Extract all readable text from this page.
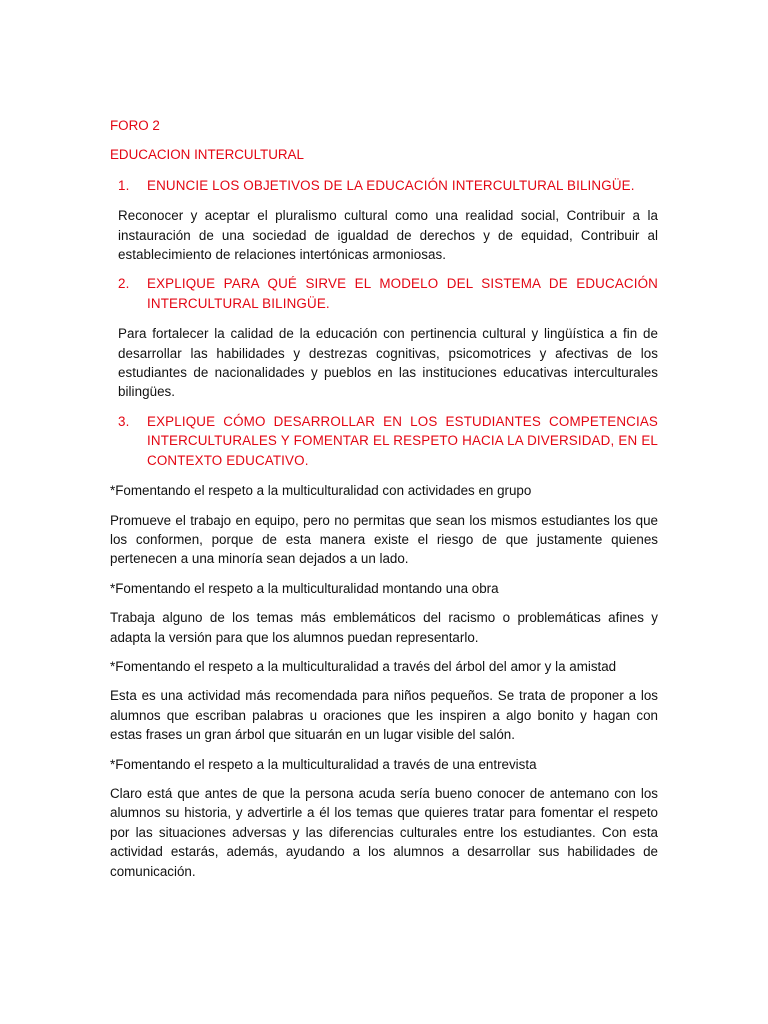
FORO 2

EDUCACION INTERCULTURAL

1. ENUNCIE LOS OBJETIVOS DE LA EDUCACIÓN INTERCULTURAL BILINGÜE.

Reconocer y aceptar el pluralismo cultural como una realidad social, Contribuir a la instauración de una sociedad de igualdad de derechos y de equidad, Contribuir al establecimiento de relaciones intertónicas armoniosas.

2. EXPLIQUE PARA QUÉ SIRVE EL MODELO DEL SISTEMA DE EDUCACIÓN INTERCULTURAL BILINGÜE.

Para fortalecer la calidad de la educación con pertinencia cultural y lingüística a fin de desarrollar las habilidades y destrezas cognitivas, psicomotrices y afectivas de los estudiantes de nacionalidades y pueblos en las instituciones educativas interculturales bilingües.

3. EXPLIQUE CÓMO DESARROLLAR EN LOS ESTUDIANTES COMPETENCIAS INTERCULTURALES Y FOMENTAR EL RESPETO HACIA LA DIVERSIDAD, EN EL CONTEXTO EDUCATIVO.

*Fomentando el respeto a la multiculturalidad con actividades en grupo

Promueve el trabajo en equipo, pero no permitas que sean los mismos estudiantes los que los conformen, porque de esta manera existe el riesgo de que justamente quienes pertenecen a una minoría sean dejados a un lado.

*Fomentando el respeto a la multiculturalidad montando una obra

Trabaja alguno de los temas más emblemáticos del racismo o problemáticas afines y adapta la versión para que los alumnos puedan representarlo.

*Fomentando el respeto a la multiculturalidad a través del árbol del amor y la amistad

Esta es una actividad más recomendada para niños pequeños. Se trata de proponer a los alumnos que escriban palabras u oraciones que les inspiren a algo bonito y hagan con estas frases un gran árbol que situarán en un lugar visible del salón.

*Fomentando el respeto a la multiculturalidad a través de una entrevista

Claro está que antes de que la persona acuda sería bueno conocer de antemano con los alumnos su historia, y advertirle a él los temas que quieres tratar para fomentar el respeto por las situaciones adversas y las diferencias culturales entre los estudiantes. Con esta actividad estarás, además, ayudando a los alumnos a desarrollar sus habilidades de comunicación.
